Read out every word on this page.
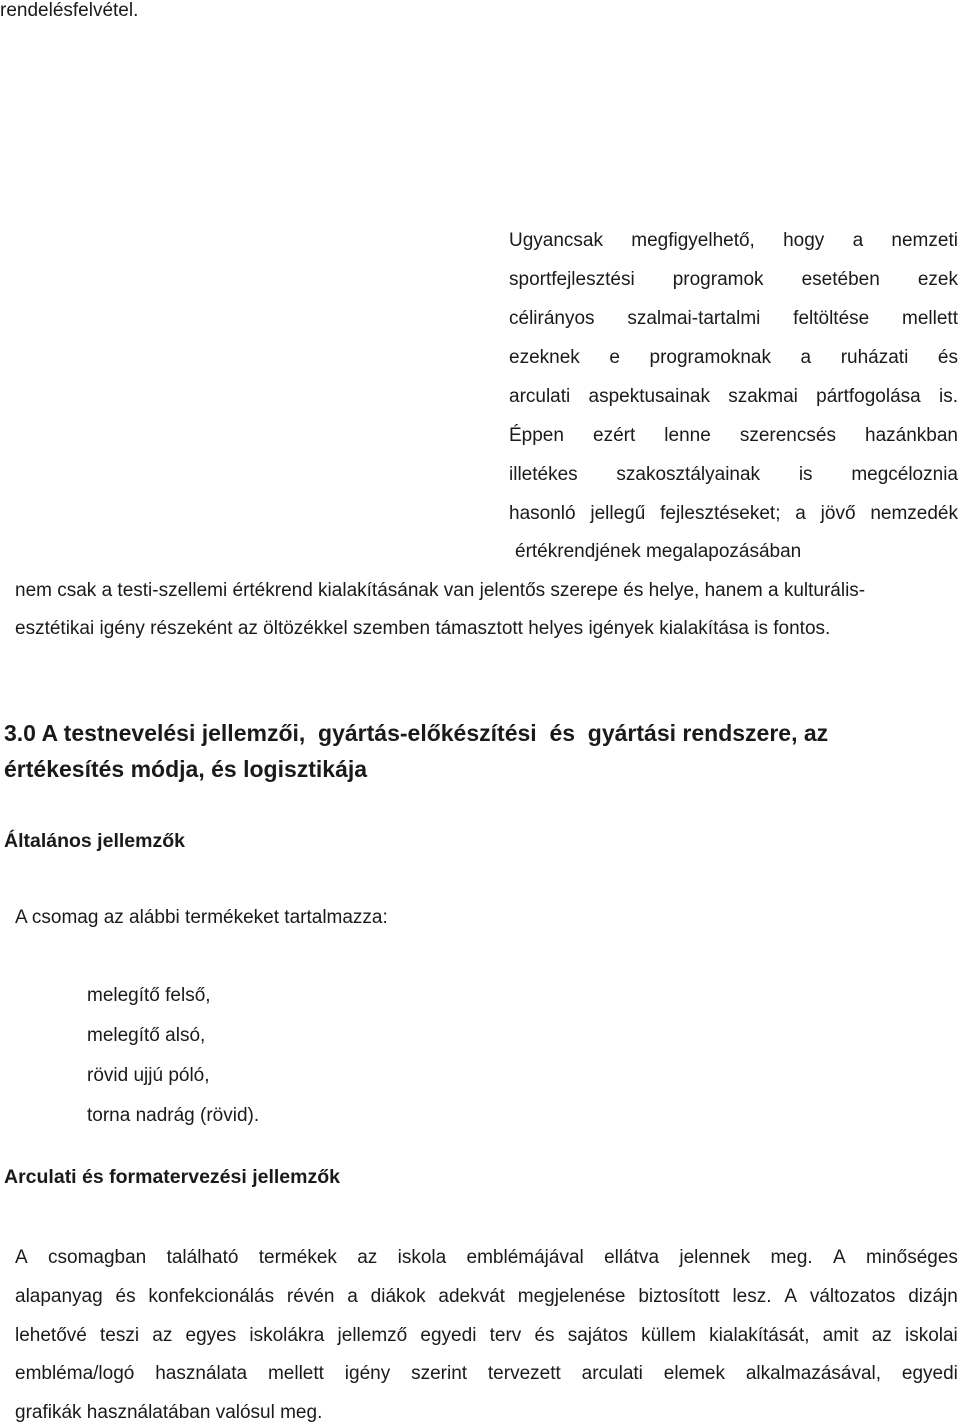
rendelésfelvétel.
Ugyancsak megfigyelhető, hogy a nemzeti
sportfejlesztési programok esetében ezek
célirányos szalmai-tartalmi feltöltése mellett
ezeknek e programoknak a ruházati és
arculati aspektusainak szakmai pártfogolása is.
Éppen ezért lenne szerencsés hazánkban
illetékes szakosztályainak is megcéloznia
hasonló jellegű fejlesztéseket; a jövő nemzedék
értékrendjének megalapozásában
nem csak a testi-szellemi értékrend kialakításának van jelentős szerepe és helye, hanem a kulturális-
esztétikai igény részeként az öltözékkel szemben támasztott helyes igények kialakítása is fontos.
3.0 A testnevelési jellemzői,  gyártás-előkészítési  és  gyártási rendszere, az
értékesítés módja, és logisztikája
Általános jellemzők
A csomag az alábbi termékeket tartalmazza:
melegítő felső,
melegítő alsó,
rövid ujjú póló,
torna nadrág (rövid).
Arculati és formatervezési jellemzők
A csomagban található termékek az iskola emblémájával ellátva jelennek meg. A minőséges
alapanyag és konfekcionálás révén a diákok adekvát megjelenése biztosított lesz. A változatos dizájn
lehetővé teszi az egyes iskolákra jellemző egyedi terv és sajátos küllem kialakítását, amit az iskolai
embléma/logó használata mellett igény szerint tervezett arculati elemek alkalmazásával, egyedi
grafikák használatában valósul meg.
